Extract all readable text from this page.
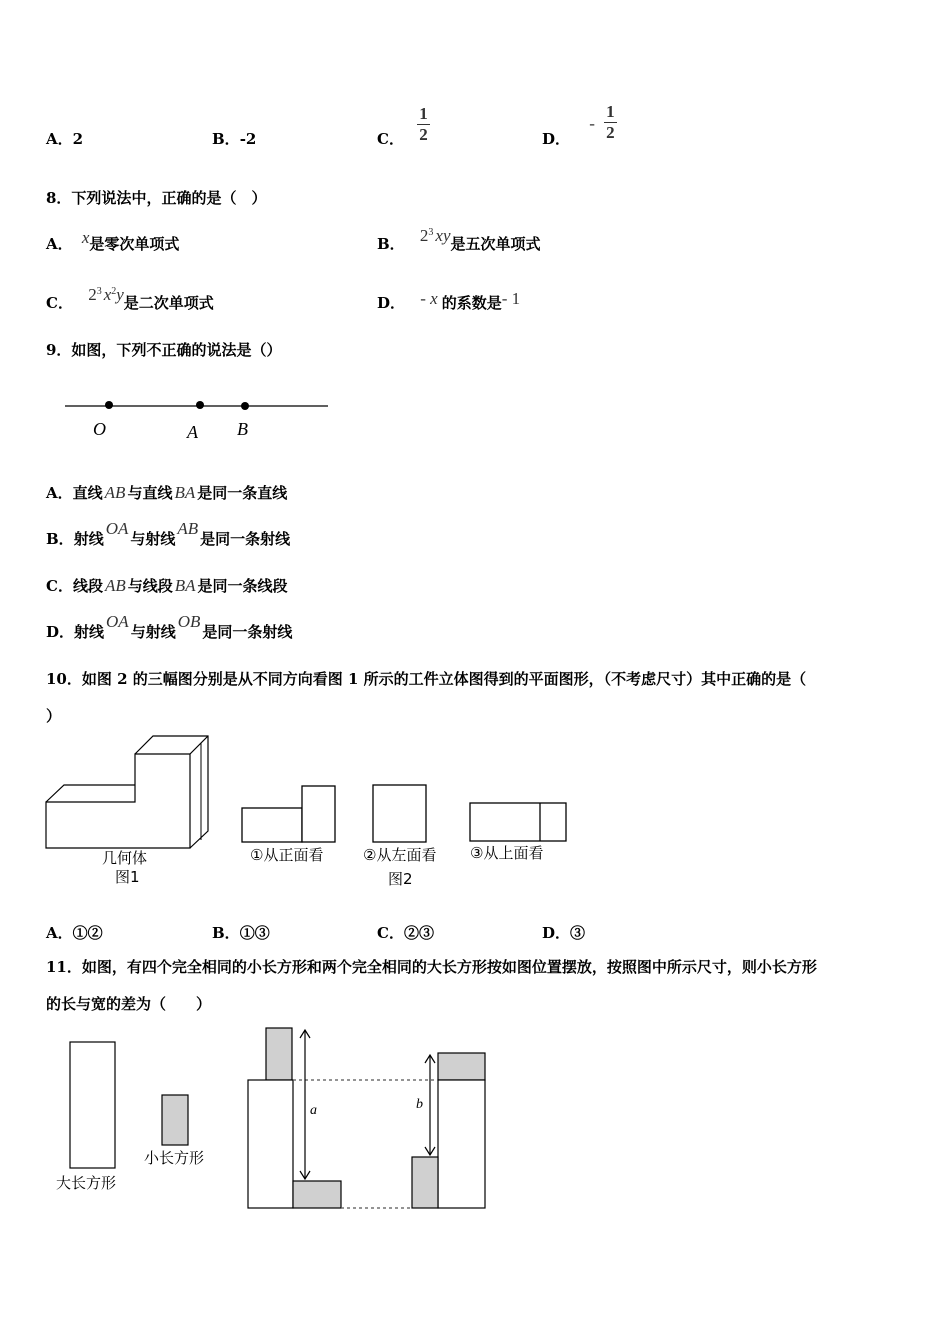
A．2	B．-2	C． $\frac{1}{2}$	D． - $\frac{1}{2}$
8．下列说法中，正确的是（　）
A． x是零次单项式	B． $2^3$ xy是五次单项式
C． $2^3$ $x^2y$是二次单项式	D． - x 的系数是- 1
9．如图，下列不正确的说法是（）
O	A B
A．直线 AB 与直线 BA 是同一条直线
B．射线OA与射线AB是同一条射线
C．线段 AB 与线段 BA 是同一条线段
D．射线OA与射线OB是同一条射线
10．如图 2 的三幅图分别是从不同方向看图 1 所示的工件立体图得到的平面图形，（不考虑尺寸）其中正确的是（
）
几何体
图1
①从正面看	②从左面看 ③从上面看
图2
A．①②	B．①③	C．②③	D．③
11．如图，有四个完全相同的小长方形和两个完全相同的大长方形按如图位置摆放，按照图中所示尺寸，则小长方形
的长与宽的差为（　　）
大长方形
小长方形
a	b
